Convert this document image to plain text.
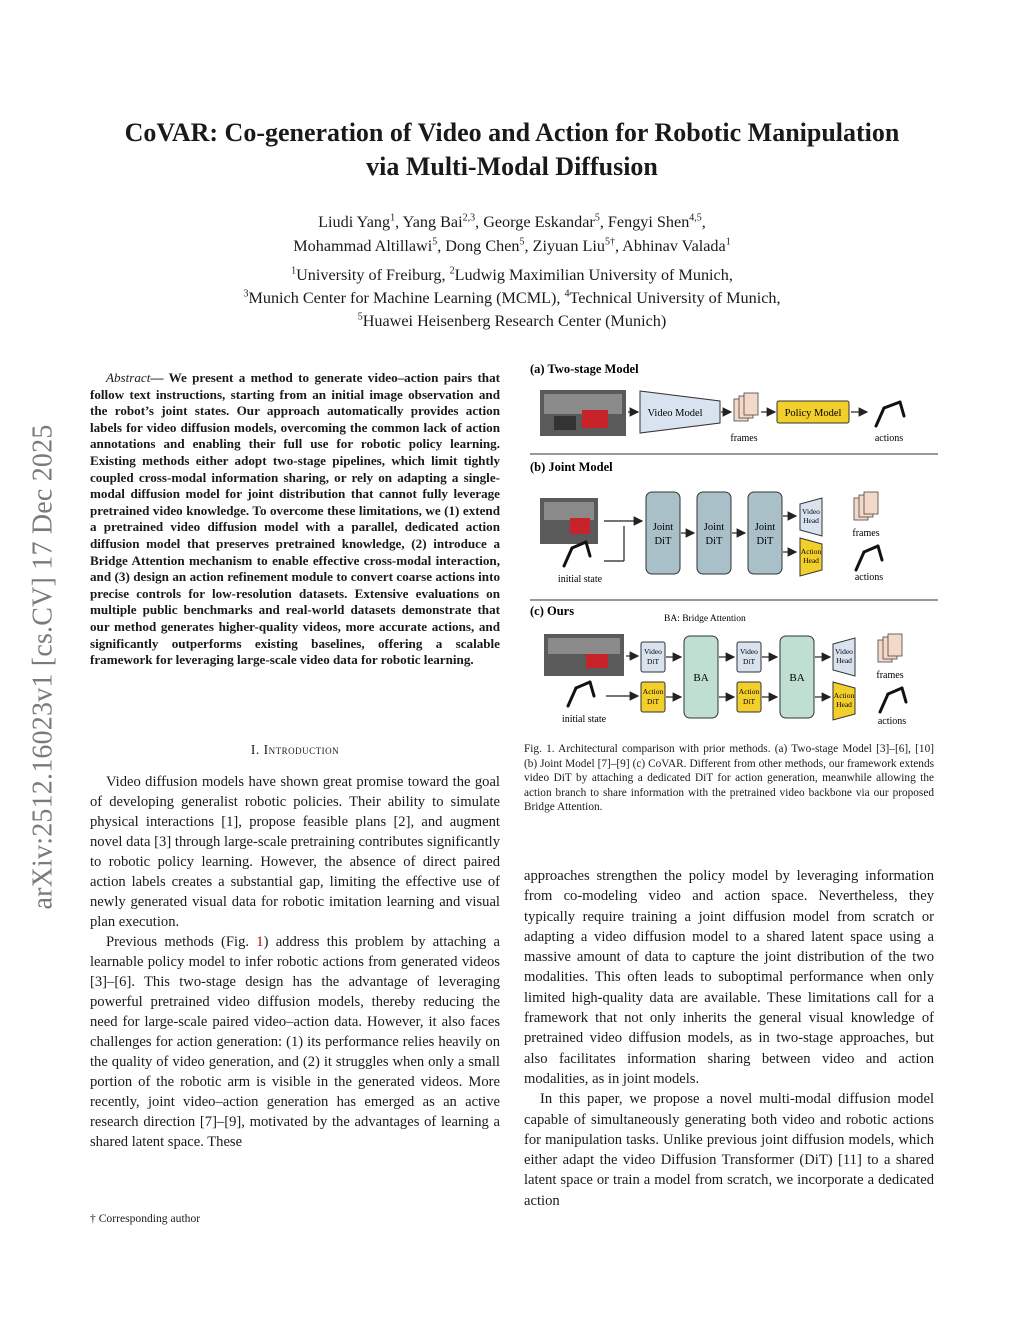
arXiv:2512.16023v1 [cs.CV] 17 Dec 2025
CoVAR: Co-generation of Video and Action for Robotic Manipulation
via Multi-Modal Diffusion
Liudi Yang$^1$, Yang Bai$^{2,3}$, George Eskandar$^5$, Fengyi Shen$^{4,5}$,
Mohammad Altillawi$^5$, Dong Chen$^5$, Ziyuan Liu$^{5\dagger}$, Abhinav Valada$^1$
$^1$University of Freiburg, $^2$Ludwig Maximilian University of Munich,
$^3$Munich Center for Machine Learning (MCML), $^4$Technical University of Munich,
$^5$Huawei Heisenberg Research Center (Munich)
Abstract— We present a method to generate video–action pairs that follow text instructions, starting from an initial image observation and the robot’s joint states. Our approach automatically provides action labels for video diffusion models, overcoming the common lack of action annotations and enabling their full use for robotic policy learning. Existing methods either adopt two-stage pipelines, which limit tightly coupled cross-modal information sharing, or rely on adapting a single-modal diffusion model for joint distribution that cannot fully leverage pretrained video knowledge. To overcome these limitations, we (1) extend a pretrained video diffusion model with a parallel, dedicated action diffusion model that preserves pretrained knowledge, (2) introduce a Bridge Attention mechanism to enable effective cross-modal interaction, and (3) design an action refinement module to convert coarse actions into precise controls for low-resolution datasets. Extensive evaluations on multiple public benchmarks and real-world datasets demonstrate that our method generates higher-quality videos, more accurate actions, and significantly outperforms existing baselines, offering a scalable framework for leveraging large-scale video data for robotic learning.
I. Introduction

Video diffusion models have shown great promise toward the goal of developing generalist robotic policies. Their ability to simulate physical interactions [1], propose feasible plans [2], and augment novel data [3] through large-scale pretraining contributes significantly to robotic policy learning. However, the absence of direct paired action labels creates a substantial gap, limiting the effective use of newly generated visual data for robotic imitation learning and visual plan execution.

Previous methods (Fig. 1) address this problem by attaching a learnable policy model to infer robotic actions from generated videos [3]–[6]. This two-stage design has the advantage of leveraging powerful pretrained video diffusion models, thereby reducing the need for large-scale paired video–action data. However, it also faces challenges for action generation: (1) its performance relies heavily on the quality of video generation, and (2) it struggles when only a small portion of the robotic arm is visible in the generated videos. More recently, joint video–action generation has emerged as an active research direction [7]–[9], motivated by the advantages of learning a shared latent space. These

† Corresponding author
(a) Two-stage Model
Video Model
frames
Policy Model
actions
(b) Joint Model
initial state
Joint
DiT
Joint
DiT
Joint
DiT
Video
Head
Action
Head
frames
actions
(c) Ours
BA: Bridge Attention
initial state
Video
DiT
Action
DiT
BA
Video
DiT
Action
DiT
BA
Video
Head
Action
Head
frames
actions
Fig. 1. Architectural comparison with prior methods. (a) Two-stage Model [3]–[6], [10] (b) Joint Model [7]–[9] (c) CoVAR. Different from other methods, our framework extends video DiT by attaching a dedicated DiT for action generation, meanwhile allowing the action branch to share information with the pretrained video backbone via our proposed Bridge Attention.

approaches strengthen the policy model by leveraging information from co-modeling video and action space. Nevertheless, they typically require training a joint diffusion model from scratch or adapting a video diffusion model to a shared latent space using a massive amount of data to capture the joint distribution of the two modalities. This often leads to suboptimal performance when only limited high-quality data are available. These limitations call for a framework that not only inherits the general visual knowledge of pretrained video diffusion models, as in two-stage approaches, but also facilitates information sharing between video and action modalities, as in joint models.

In this paper, we propose a novel multi-modal diffusion model capable of simultaneously generating both video and robotic actions for manipulation tasks. Unlike previous joint diffusion models, which either adapt the video Diffusion Transformer (DiT) [11] to a shared latent space or train a model from scratch, we incorporate a dedicated action
